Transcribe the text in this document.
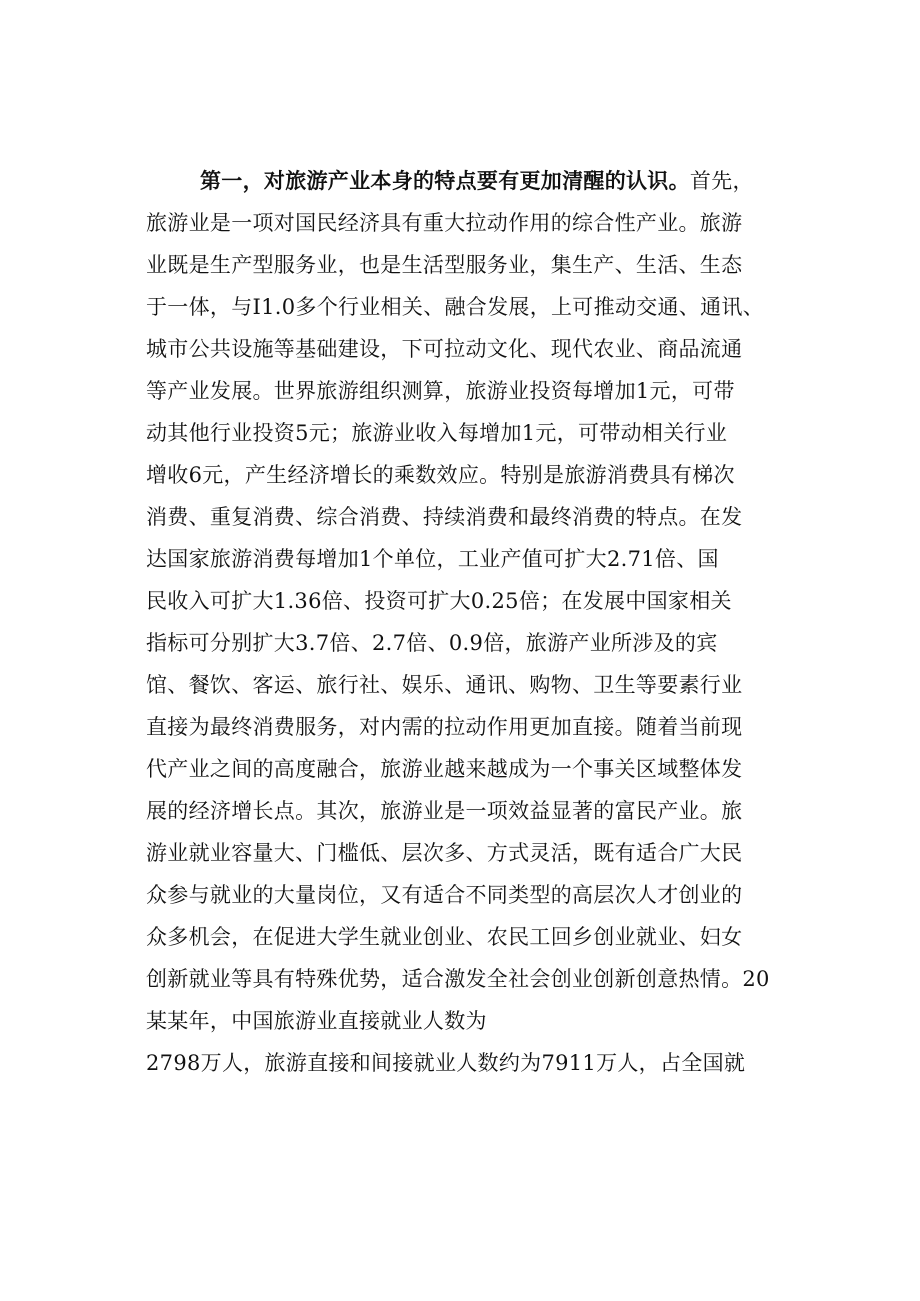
第一，对旅游产业本身的特点要有更加清醒的认识。首先，
旅游业是一项对国民经济具有重大拉动作用的综合性产业。旅游
业既是生产型服务业，也是生活型服务业，集生产、生活、生态
于一体，与I1.0多个行业相关、融合发展，上可推动交通、通讯、
城市公共设施等基础建设，下可拉动文化、现代农业、商品流通
等产业发展。世界旅游组织测算，旅游业投资每增加1元，可带
动其他行业投资5元；旅游业收入每增加1元，可带动相关行业
增收6元，产生经济增长的乘数效应。特别是旅游消费具有梯次
消费、重复消费、综合消费、持续消费和最终消费的特点。在发
达国家旅游消费每增加1个单位，工业产值可扩大2.71倍、国
民收入可扩大1.36倍、投资可扩大0.25倍；在发展中国家相关
指标可分别扩大3.7倍、2.7倍、0.9倍，旅游产业所涉及的宾
馆、餐饮、客运、旅行社、娱乐、通讯、购物、卫生等要素行业
直接为最终消费服务，对内需的拉动作用更加直接。随着当前现
代产业之间的高度融合，旅游业越来越成为一个事关区域整体发
展的经济增长点。其次，旅游业是一项效益显著的富民产业。旅
游业就业容量大、门槛低、层次多、方式灵活，既有适合广大民
众参与就业的大量岗位，又有适合不同类型的高层次人才创业的
众多机会，在促进大学生就业创业、农民工回乡创业就业、妇女
创新就业等具有特殊优势，适合激发全社会创业创新创意热情。20
某某年，中国旅游业直接就业人数为
2798万人，旅游直接和间接就业人数约为7911万人，占全国就
